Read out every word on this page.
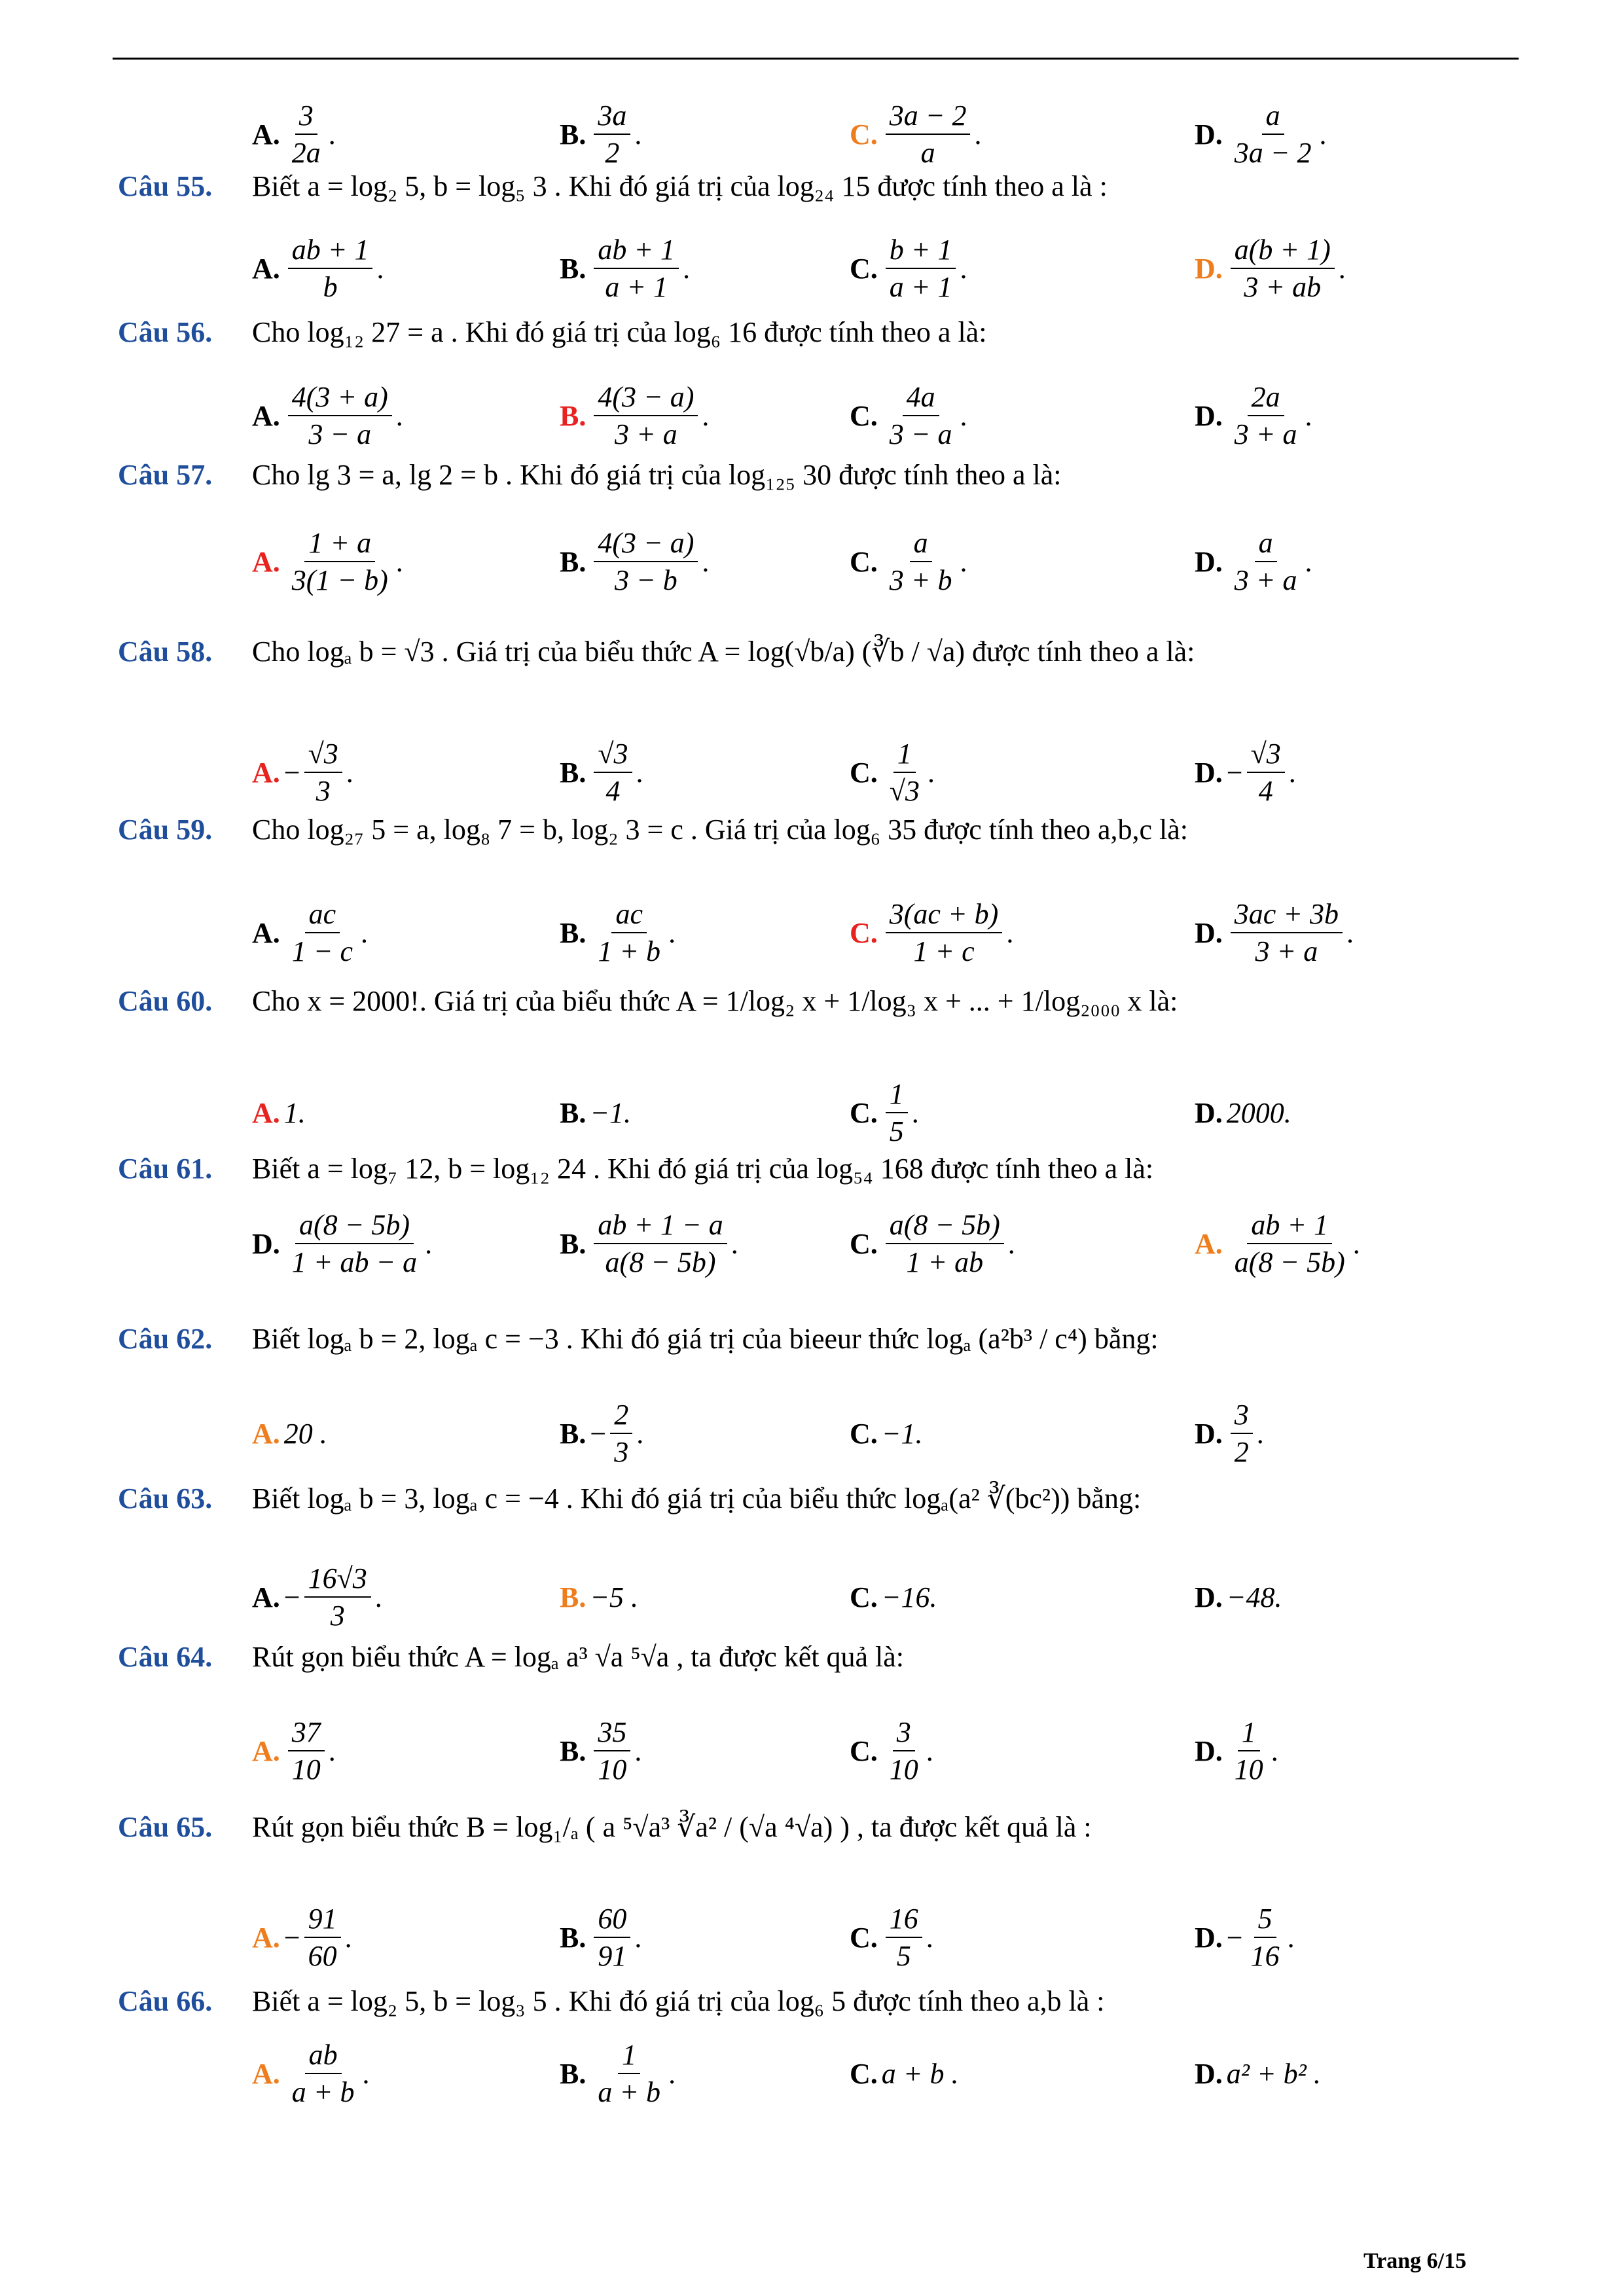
A. $\frac{3}{2a}$ .	B. $\frac{3a}{2}$ .	C. $\frac{3a - 2}{a}$ .	D. $\frac{a}{3a - 2}$ .
Câu 55. Biết a = log₂ 5, b = log₅ 3 . Khi đó giá trị của log₂₄ 15 được tính theo a là :
A. $\frac{ab + 1}{b}$ .	B. $\frac{ab + 1}{a + 1}$ .	C. $\frac{b + 1}{a + 1}$ .	D. $\frac{a(b + 1)}{3 + ab}$ .
Câu 56. Cho log₁₂ 27 = a . Khi đó giá trị của log₆ 16 được tính theo a là:
A. $\frac{4(3 + a)}{3 - a}$ .	B. $\frac{4(3 - a)}{3 + a}$ .	C. $\frac{4a}{3 - a}$ .	D. $\frac{2a}{3 + a}$ .
Câu 57. Cho lg 3 = a, lg 2 = b . Khi đó giá trị của log₁₂₅ 30 được tính theo a là:
A. $\frac{1 + a}{3(1 - b)}$ .	B. $\frac{4(3 - a)}{3 - b}$ .	C. $\frac{a}{3 + b}$ .	D. $\frac{a}{3 + a}$ .
Câu 58. Cho logₐ b = √3 . Giá trị của biểu thức A = log(√b/a) (∛b / √a) được tính theo a là:
A. − $\frac{√3}{3}$ .	B. $\frac{√3}{4}$ .	C. $\frac{1}{√3}$ .	D. − $\frac{√3}{4}$ .
Câu 59. Cho log₂₇ 5 = a, log₈ 7 = b, log₂ 3 = c . Giá trị của log₆ 35 được tính theo a,b,c là:
A. $\frac{ac}{1 - c}$ .	B. $\frac{ac}{1 + b}$ .	C. $\frac{3(ac + b)}{1 + c}$ .	D. $\frac{3ac + 3b}{3 + a}$ .
Câu 60. Cho x = 2000!. Giá trị của biểu thức A = 1/log₂ x + 1/log₃ x + ... + 1/log₂₀₀₀ x là:
A. 1.	B. −1.	C. $\frac{1}{5}$ .	D. 2000.
Câu 61. Biết a = log₇ 12, b = log₁₂ 24 . Khi đó giá trị của log₅₄ 168 được tính theo a là:
D. $\frac{a(8 - 5b)}{1 + ab - a}$ .	B. $\frac{ab + 1 - a}{a(8 - 5b)}$ .	C. $\frac{a(8 - 5b)}{1 + ab}$ .	A. $\frac{ab + 1}{a(8 - 5b)}$ .
Câu 62. Biết logₐ b = 2, logₐ c = −3 . Khi đó giá trị của bieeur thức logₐ (a²b³ / c⁴) bằng:
A. 20 .	B. − $\frac{2}{3}$ .	C. −1.	D. $\frac{3}{2}$ .
Câu 63. Biết logₐ b = 3, logₐ c = −4 . Khi đó giá trị của biểu thức logₐ(a² ∛(bc²)) bằng:
A. − $\frac{16√3}{3}$ .	B. −5 .	C. −16.	D. −48.
Câu 64. Rút gọn biểu thức A = logₐ a³ √a ⁵√a , ta được kết quả là:
A. $\frac{37}{10}$ .	B. $\frac{35}{10}$ .	C. $\frac{3}{10}$ .	D. $\frac{1}{10}$ .
Câu 65. Rút gọn biểu thức B = log₁/ₐ ( a ⁵√a³ ∛a² / (√a ⁴√a) ) , ta được kết quả là :
A. − $\frac{91}{60}$ .	B. $\frac{60}{91}$ .	C. $\frac{16}{5}$ .	D. − $\frac{5}{16}$ .
Câu 66. Biết a = log₂ 5, b = log₃ 5 . Khi đó giá trị của log₆ 5 được tính theo a,b là :
A. $\frac{ab}{a + b}$ .	B. $\frac{1}{a + b}$ .	C. a + b .	D. a² + b² .
Trang 6/15
